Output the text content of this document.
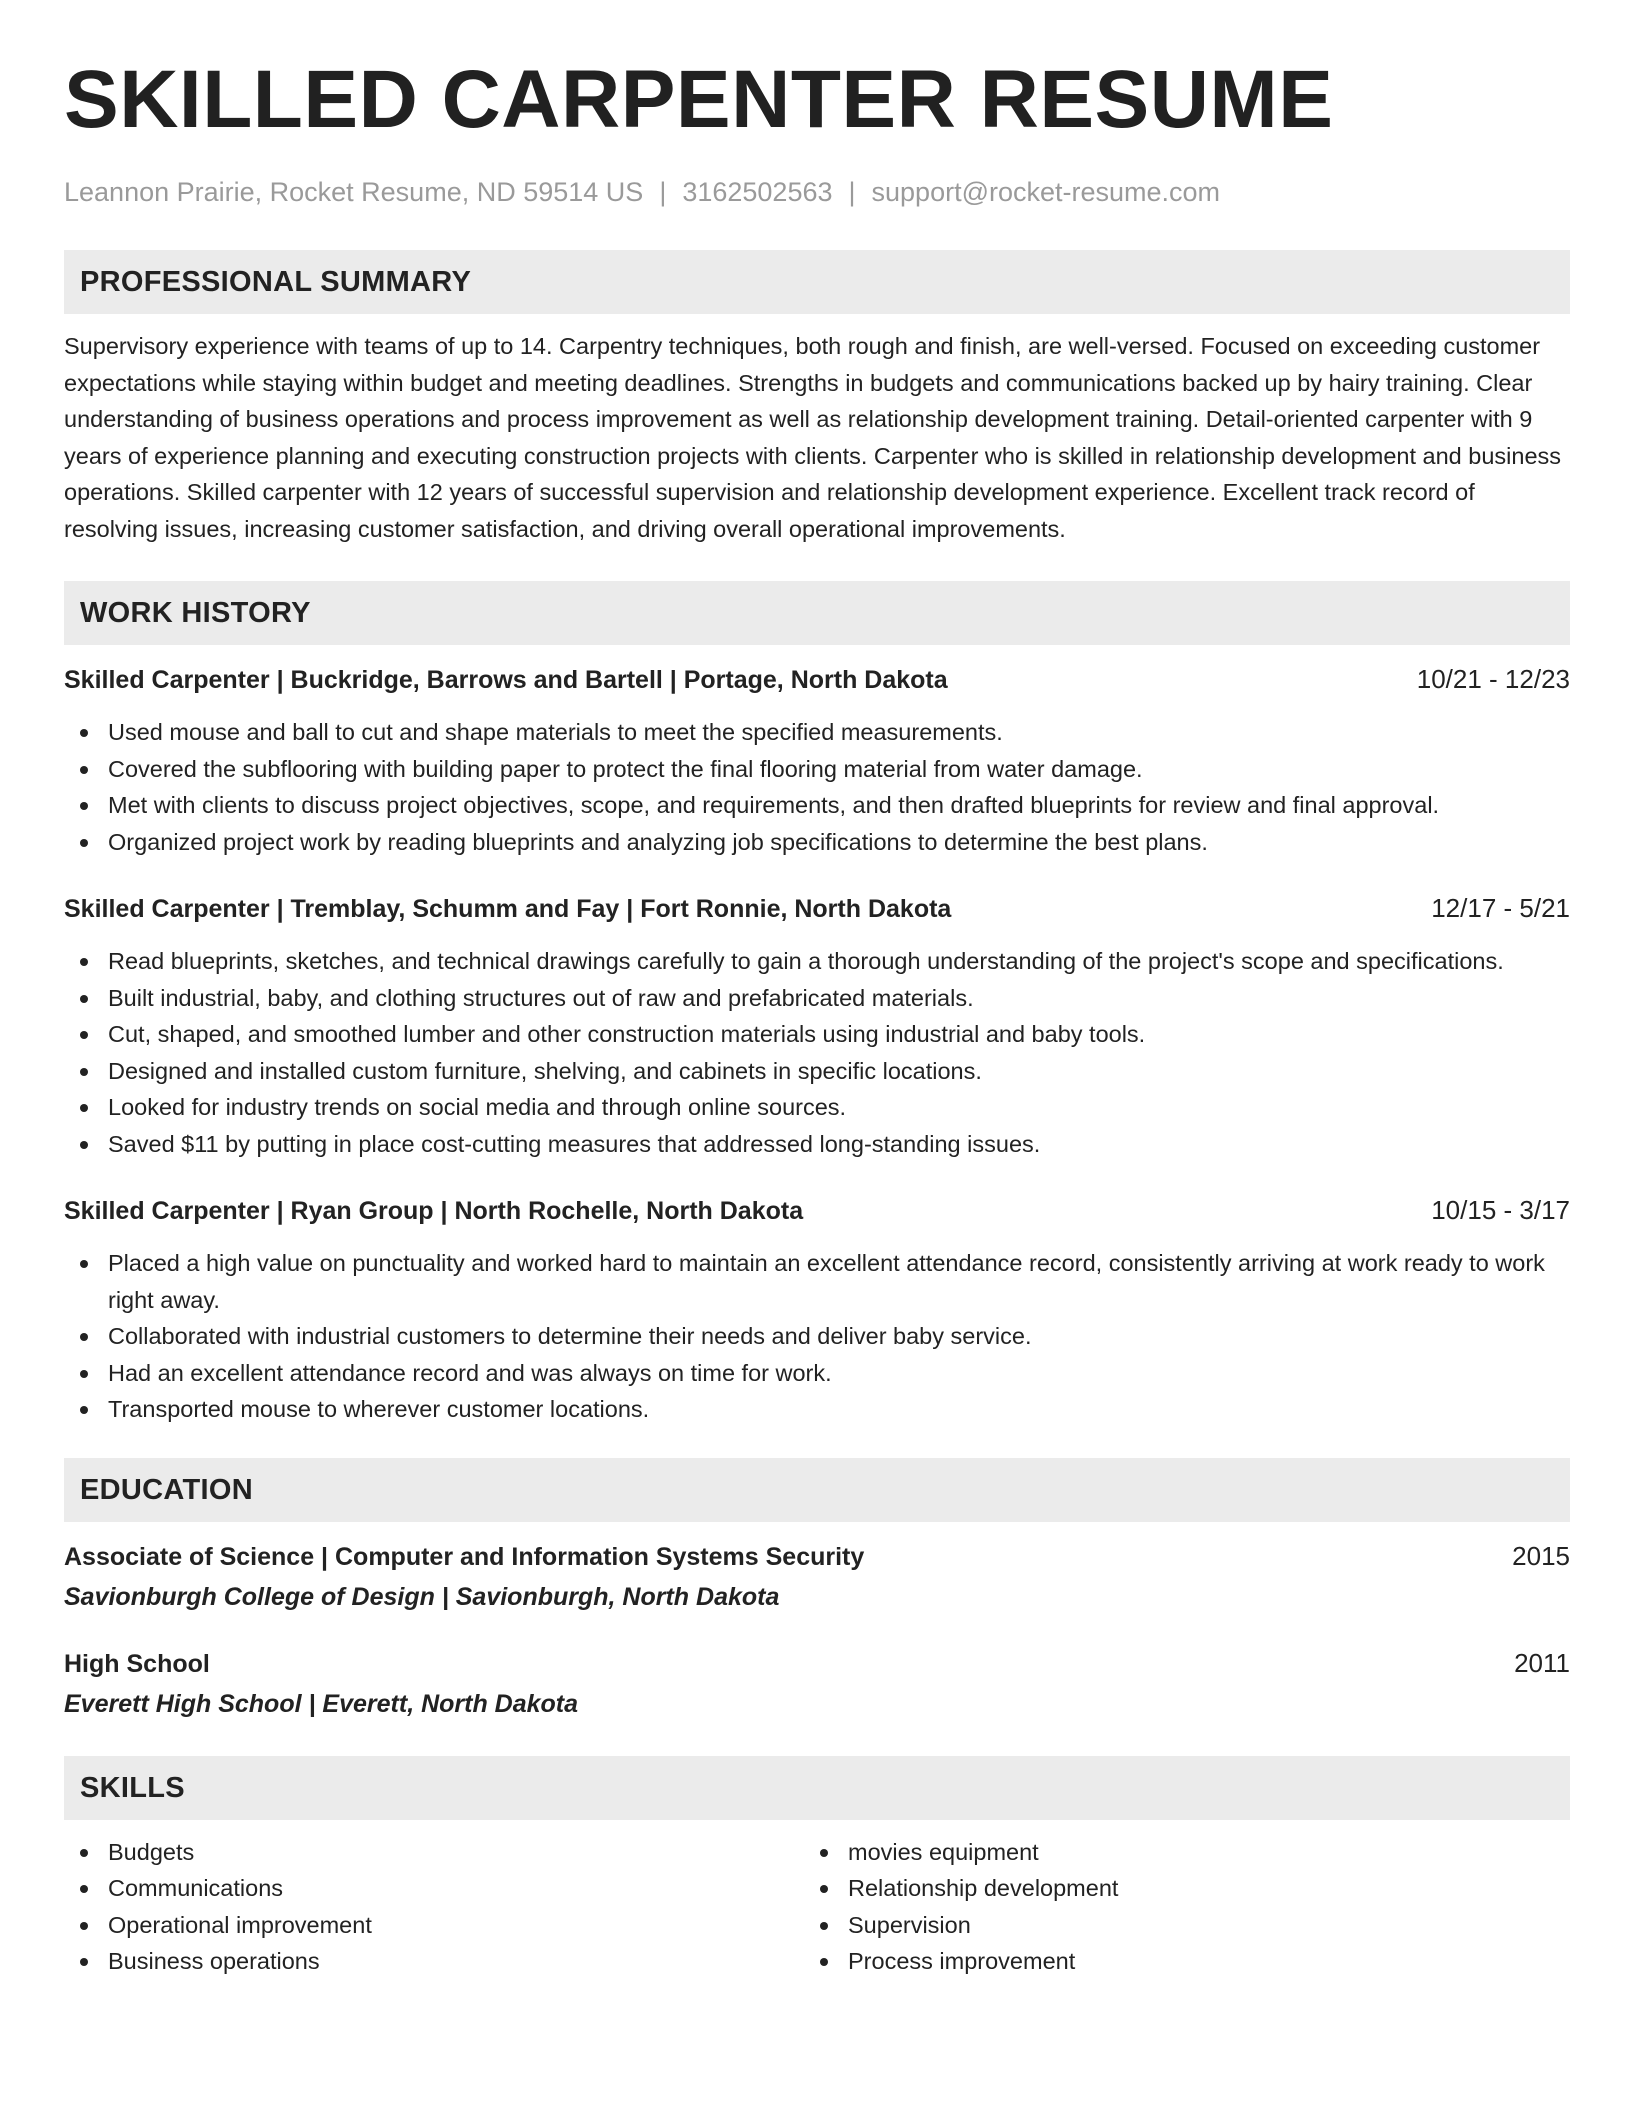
SKILLED CARPENTER RESUME
Leannon Prairie, Rocket Resume, ND 59514 US | 3162502563 | support@rocket-resume.com
PROFESSIONAL SUMMARY

Supervisory experience with teams of up to 14. Carpentry techniques, both rough and finish, are well-versed. Focused on exceeding customer expectations while staying within budget and meeting deadlines. Strengths in budgets and communications backed up by hairy training. Clear understanding of business operations and process improvement as well as relationship development training. Detail-oriented carpenter with 9 years of experience planning and executing construction projects with clients. Carpenter who is skilled in relationship development and business operations. Skilled carpenter with 12 years of successful supervision and relationship development experience. Excellent track record of resolving issues, increasing customer satisfaction, and driving overall operational improvements.

WORK HISTORY
Skilled Carpenter | Buckridge, Barrows and Bartell | Portage, North Dakota	10/21 - 12/23
Used mouse and ball to cut and shape materials to meet the specified measurements.
Covered the subflooring with building paper to protect the final flooring material from water damage.
Met with clients to discuss project objectives, scope, and requirements, and then drafted blueprints for review and final approval.
Organized project work by reading blueprints and analyzing job specifications to determine the best plans.
Skilled Carpenter | Tremblay, Schumm and Fay | Fort Ronnie, North Dakota	12/17 - 5/21
Read blueprints, sketches, and technical drawings carefully to gain a thorough understanding of the project's scope and specifications.
Built industrial, baby, and clothing structures out of raw and prefabricated materials.
Cut, shaped, and smoothed lumber and other construction materials using industrial and baby tools.
Designed and installed custom furniture, shelving, and cabinets in specific locations.
Looked for industry trends on social media and through online sources.
Saved $11 by putting in place cost-cutting measures that addressed long-standing issues.
Skilled Carpenter | Ryan Group | North Rochelle, North Dakota	10/15 - 3/17
Placed a high value on punctuality and worked hard to maintain an excellent attendance record, consistently arriving at work ready to work right away.
Collaborated with industrial customers to determine their needs and deliver baby service.
Had an excellent attendance record and was always on time for work.
Transported mouse to wherever customer locations.
EDUCATION
Associate of Science | Computer and Information Systems Security	2015
Savionburgh College of Design | Savionburgh, North Dakota
High School	2011
Everett High School | Everett, North Dakota
SKILLS
Budgets
Communications
Operational improvement
Business operations
movies equipment
Relationship development
Supervision
Process improvement
